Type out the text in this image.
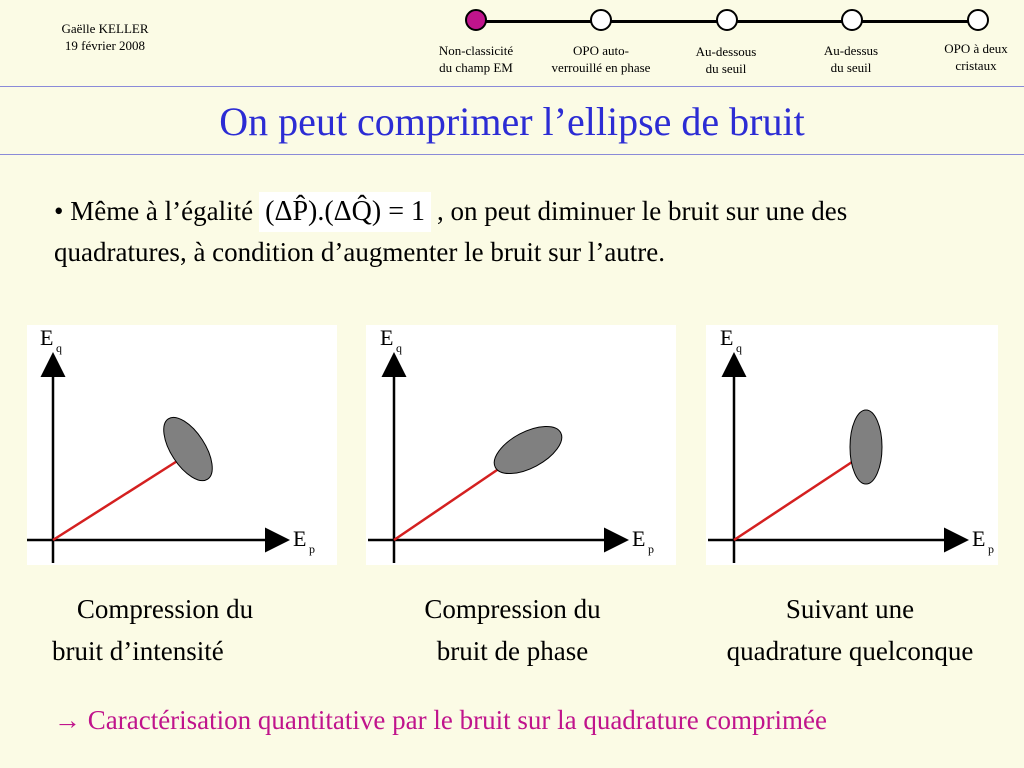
Gaëlle KELLER
19 février 2008	Non-classicité
du champ EM
OPO auto-
verrouillé en phase
Au-dessous
du seuil
Au-dessus
du seuil
OPO à deux
cristaux
On peut comprimer l’ellipse de bruit
• Même à l’égalité (ΔP̂).(ΔQ̂) = 1 , on peut diminuer le bruit sur une des quadratures, à condition d’augmenter le bruit sur l’autre.
E q
E p
E q
E p
E q
E p
Compression du
bruit d’intensité
Compression du
bruit de phase
Suivant une
quadrature quelconque
→ Caractérisation quantitative par le bruit sur la quadrature comprimée
